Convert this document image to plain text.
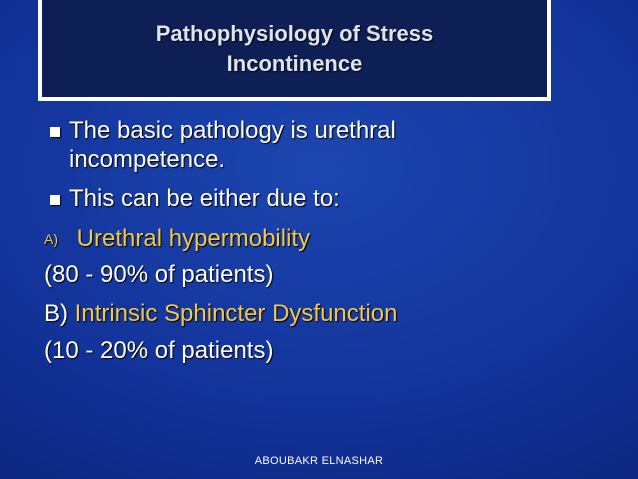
Pathophysiology of Stress
Incontinence
The basic pathology is urethral
incompetence.
This can be either due to:
A) Urethral hypermobility
(80 - 90% of patients)
B) Intrinsic Sphincter Dysfunction
(10 - 20% of patients)
ABOUBAKR ELNASHAR
